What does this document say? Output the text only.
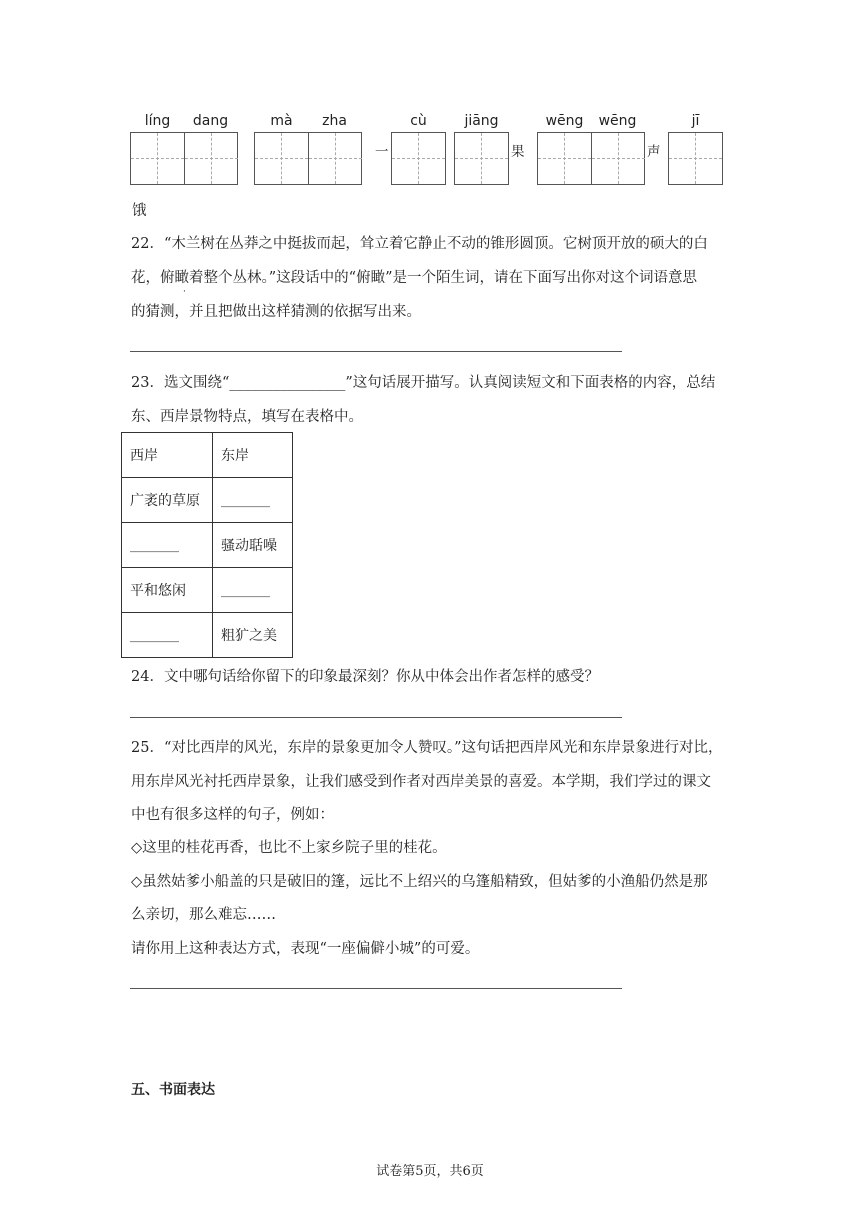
líng	dang	mà	zha	cù	jiāng	wēng	wēng	jī
一	果	声
饿
22．“木兰树在丛莽之中挺拔而起，耸立着它静止不动的锥形圆顶。它树顶开放的硕大的白
花，俯瞰着整个丛林。”这段话中的“俯瞰”是一个陌生词，请在下面写出你对这个词语意思
·
的猜测，并且把做出这样猜测的依据写出来。
23．选文围绕“________________”这句话展开描写。认真阅读短文和下面表格的内容，总结
东、西岸景物特点，填写在表格中。
西岸	东岸
广袤的草原	_______
_______	骚动聒噪
平和悠闲	_______
_______	粗犷之美
24．文中哪句话给你留下的印象最深刻？你从中体会出作者怎样的感受？
25．“对比西岸的风光，东岸的景象更加令人赞叹。”这句话把西岸风光和东岸景象进行对比，
用东岸风光衬托西岸景象，让我们感受到作者对西岸美景的喜爱。本学期，我们学过的课文
中也有很多这样的句子，例如：
◇这里的桂花再香，也比不上家乡院子里的桂花。
◇虽然姑爹小船盖的只是破旧的篷，远比不上绍兴的乌篷船精致，但姑爹的小渔船仍然是那
么亲切，那么难忘……
请你用上这种表达方式，表现“一座偏僻小城”的可爱。
五、书面表达
试卷第5页，共6页
